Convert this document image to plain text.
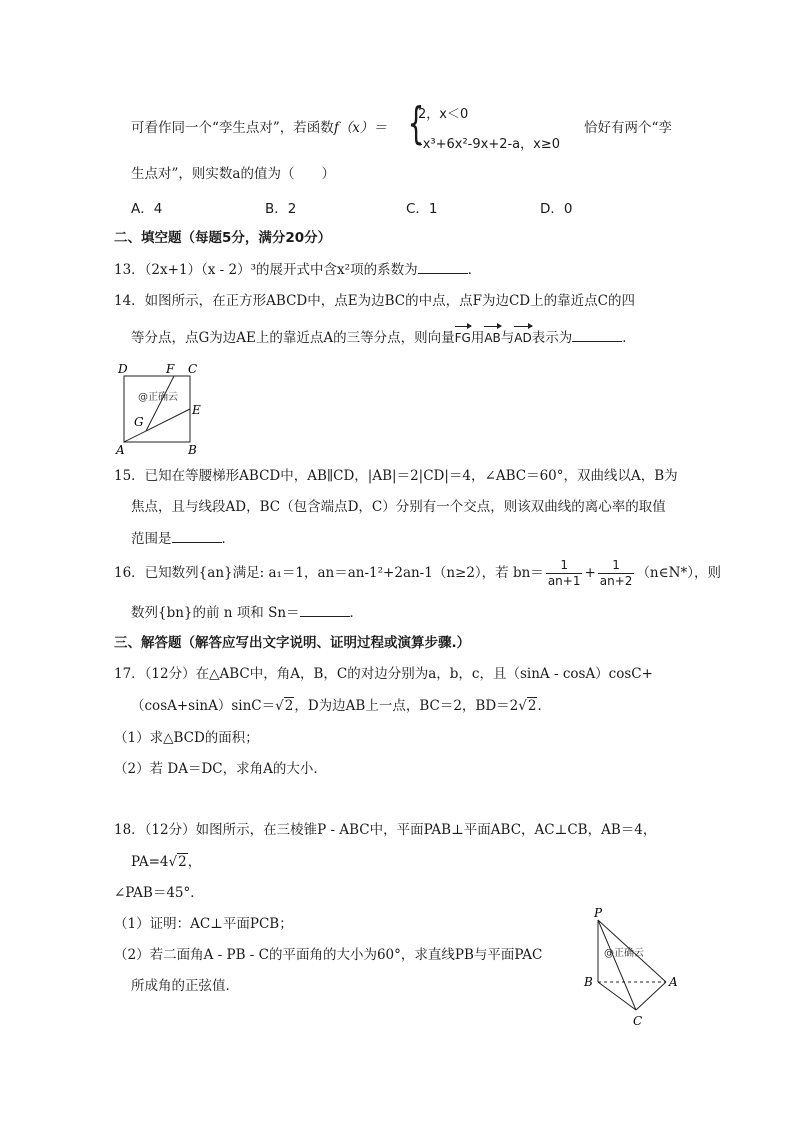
可看作同一个“孪生点对”，若函数f（x）＝ {
2，x＜0
-x³+6x²-9x+2-a，x≥0
恰好有两个“孪
生点对”，则实数a的值为（　　）
A．4	B．2	C．1	D．0
二、填空题（每题5分，满分20分）
13．（2x+1）（x - 2）³的展开式中含x²项的系数为	．
14．如图所示，在正方形ABCD中，点E为边BC的中点，点F为边CD上的靠近点C的四
等分点，点G为边AE上的靠近点A的三等分点，则向量FG用AB与AD表示为	．
D	F C
E
G
A	B
@正确云
15．已知在等腰梯形ABCD中，AB∥CD，|AB|＝2|CD|＝4，∠ABC＝60°，双曲线以A，B为
焦点，且与线段AD，BC（包含端点D，C）分别有一个交点，则该双曲线的离心率的取值
范围是	．
16．已知数列{an}满足: a₁＝1，an＝an-1²+2an-1（n≥2），若 $bn= \frac{1}{an+1} + \frac{1}{an+2}$ （n∈N*），则
数列{bn}的前 n 项和 Sn＝	．
三、解答题（解答应写出文字说明、证明过程或演算步骤.）
17．（12分）在△ABC中，角A，B，C的对边分别为a，b，c，且（sinA - cosA）cosC+
（cosA+sinA）sinC＝√2，D为边AB上一点，BC＝2，BD＝2√2．
（1）求△BCD的面积；
（2）若 DA＝DC，求角A的大小．
18．（12分）如图所示，在三棱锥P - ABC中，平面PAB⊥平面ABC，AC⊥CB，AB＝4，
PA=4√2，
∠PAB＝45°．
（1）证明：AC⊥平面PCB；
（2）若二面角A - PB - C的平面角的大小为60°，求直线PB与平面PAC
所成角的正弦值．
P
B	A
C
@正确云
